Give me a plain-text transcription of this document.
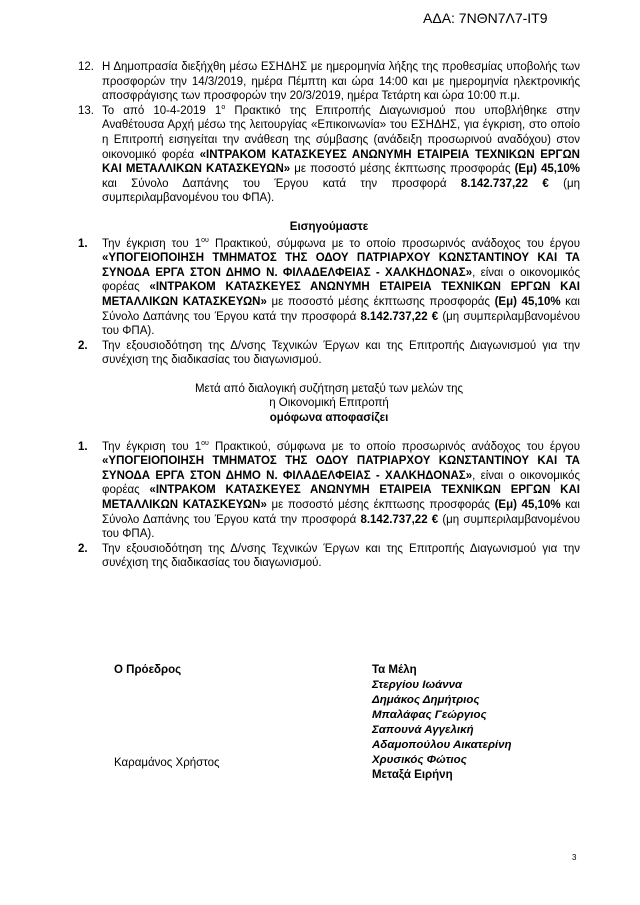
ΑΔΑ: 7ΝΘΝ7Λ7-ΙΤ9
12. Η Δημοπρασία διεξήχθη μέσω ΕΣΗΔΗΣ με ημερομηνία λήξης της προθεσμίας υποβολής των προσφορών την 14/3/2019, ημέρα Πέμπτη και ώρα 14:00 και με ημερομηνία ηλεκτρονικής αποσφράγισης των προσφορών την 20/3/2019, ημέρα Τετάρτη και ώρα 10:00 π.μ.
13. Το από 10-4-2019 $1^o$ Πρακτικό της Επιτροπής Διαγωνισμού που υποβλήθηκε στην Αναθέτουσα Αρχή μέσω της λειτουργίας «Επικοινωνία» του ΕΣΗΔΗΣ, για έγκριση, στο οποίο η Επιτροπή εισηγείται την ανάθεση της σύμβασης (ανάδειξη προσωρινού αναδόχου) στον οικονομικό φορέα «ΙΝΤΡΑΚΟΜ ΚΑΤΑΣΚΕΥΕΣ ΑΝΩΝΥΜΗ ΕΤΑΙΡΕΙΑ ΤΕΧΝΙΚΩΝ ΕΡΓΩΝ ΚΑΙ ΜΕΤΑΛΛΙΚΩΝ ΚΑΤΑΣΚΕΥΩΝ» με ποσοστό μέσης έκπτωσης προσφοράς (Εμ) 45,10% και Σύνολο Δαπάνης του Έργου κατά την προσφορά 8.142.737,22 € (μη συμπεριλαμβανομένου του ΦΠΑ).
Εισηγούμαστε
1.	Την έγκριση του $1^{o\upsilon}$ Πρακτικού, σύμφωνα με το οποίο προσωρινός ανάδοχος του έργου «ΥΠΟΓΕΙΟΠΟΙΗΣΗ ΤΜΗΜΑΤΟΣ ΤΗΣ ΟΔΟΥ ΠΑΤΡΙΑΡΧΟΥ ΚΩΝΣΤΑΝΤΙΝΟΥ ΚΑΙ ΤΑ ΣΥΝΟΔΑ ΕΡΓΑ ΣΤΟΝ ΔΗΜΟ Ν. ΦΙΛΑΔΕΛΦΕΙΑΣ - ΧΑΛΚΗΔΟΝΑΣ», είναι ο οικονομικός φορέας «ΙΝΤΡΑΚΟΜ ΚΑΤΑΣΚΕΥΕΣ ΑΝΩΝΥΜΗ ΕΤΑΙΡΕΙΑ ΤΕΧΝΙΚΩΝ ΕΡΓΩΝ ΚΑΙ ΜΕΤΑΛΛΙΚΩΝ ΚΑΤΑΣΚΕΥΩΝ» με ποσοστό μέσης έκπτωσης προσφοράς (Εμ) 45,10% και Σύνολο Δαπάνης του Έργου κατά την προσφορά 8.142.737,22 € (μη συμπεριλαμβανομένου του ΦΠΑ).
2.	Την εξουσιοδότηση της Δ/νσης Τεχνικών Έργων και της Επιτροπής Διαγωνισμού για την συνέχιση της διαδικασίας του διαγωνισμού.
Μετά από διαλογική συζήτηση μεταξύ των μελών της
η Οικονομική Επιτροπή
ομόφωνα αποφασίζει
1.	Την έγκριση του $1^{o\upsilon}$ Πρακτικού, σύμφωνα με το οποίο προσωρινός ανάδοχος του έργου «ΥΠΟΓΕΙΟΠΟΙΗΣΗ ΤΜΗΜΑΤΟΣ ΤΗΣ ΟΔΟΥ ΠΑΤΡΙΑΡΧΟΥ ΚΩΝΣΤΑΝΤΙΝΟΥ ΚΑΙ ΤΑ ΣΥΝΟΔΑ ΕΡΓΑ ΣΤΟΝ ΔΗΜΟ Ν. ΦΙΛΑΔΕΛΦΕΙΑΣ - ΧΑΛΚΗΔΟΝΑΣ», είναι ο οικονομικός φορέας «ΙΝΤΡΑΚΟΜ ΚΑΤΑΣΚΕΥΕΣ ΑΝΩΝΥΜΗ ΕΤΑΙΡΕΙΑ ΤΕΧΝΙΚΩΝ ΕΡΓΩΝ ΚΑΙ ΜΕΤΑΛΛΙΚΩΝ ΚΑΤΑΣΚΕΥΩΝ» με ποσοστό μέσης έκπτωσης προσφοράς (Εμ) 45,10% και Σύνολο Δαπάνης του Έργου κατά την προσφορά 8.142.737,22 € (μη συμπεριλαμβανομένου του ΦΠΑ).
2.	Την εξουσιοδότηση της Δ/νσης Τεχνικών Έργων και της Επιτροπής Διαγωνισμού για την συνέχιση της διαδικασίας του διαγωνισμού.
Ο Πρόεδρος
Καραμάνος Χρήστος
Τα Μέλη
Στεργίου Ιωάννα
Δημάκος Δημήτριος
Μπαλάφας Γεώργιος
Σαπουνά Αγγελική
Αδαμοπούλου Αικατερίνη
Χρυσικός Φώτιος
Μεταξά Ειρήνη
3
